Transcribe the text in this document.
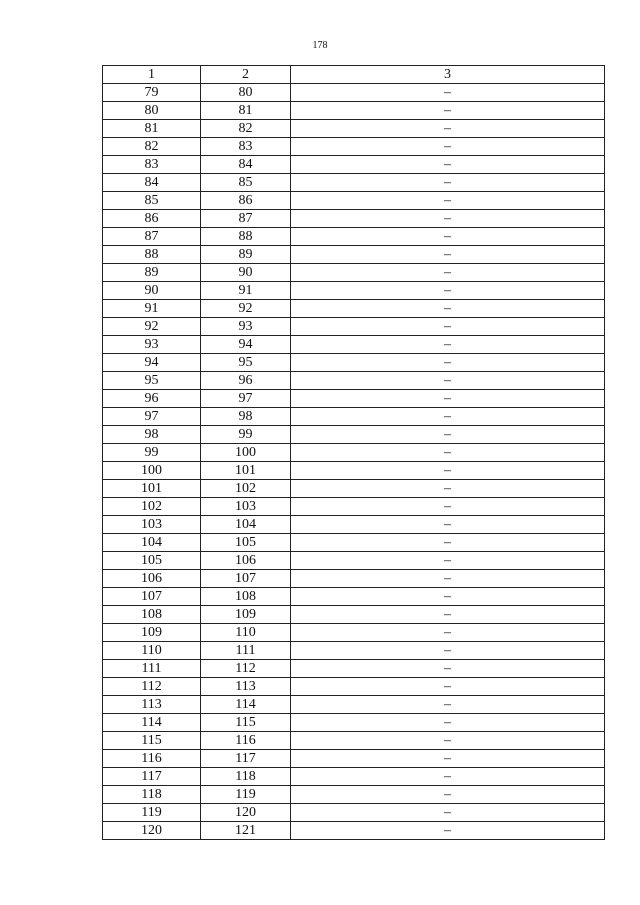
178
1	2	3
79	80	–
80	81	–
81	82	–
82	83	–
83	84	–
84	85	–
85	86	–
86	87	–
87	88	–
88	89	–
89	90	–
90	91	–
91	92	–
92	93	–
93	94	–
94	95	–
95	96	–
96	97	–
97	98	–
98	99	–
99	100	–
100	101	–
101	102	–
102	103	–
103	104	–
104	105	–
105	106	–
106	107	–
107	108	–
108	109	–
109	110	–
110	111	–
111	112	–
112	113	–
113	114	–
114	115	–
115	116	–
116	117	–
117	118	–
118	119	–
119	120	–
120	121	–
